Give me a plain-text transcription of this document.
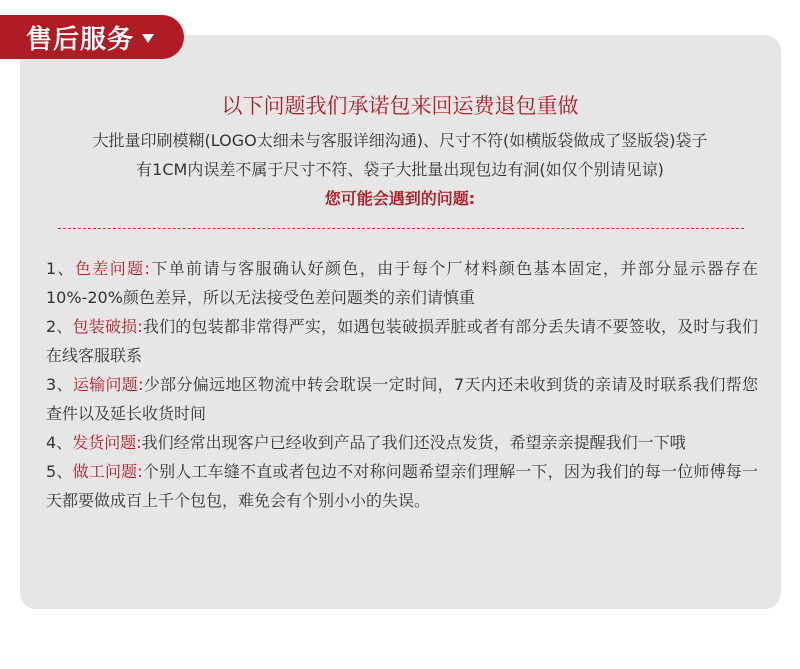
售后服务
以下问题我们承诺包来回运费退包重做
大批量印刷模糊(LOGO太细未与客服详细沟通)、尺寸不符(如横版袋做成了竖版袋)袋子
有1CM内误差不属于尺寸不符、袋子大批量出现包边有洞(如仅个别请见谅)
您可能会遇到的问题:

1、色差问题:下单前请与客服确认好颜色，由于每个厂材料颜色基本固定，并部分显示器存在10%-20%颜色差异，所以无法接受色差问题类的亲们请慎重

2、包装破损:我们的包装都非常得严实，如遇包装破损弄脏或者有部分丢失请不要签收，及时与我们在线客服联系

3、运输问题:少部分偏远地区物流中转会耽误一定时间，7天内还未收到货的亲请及时联系我们帮您查件以及延长收货时间

4、发货问题:我们经常出现客户已经收到产品了我们还没点发货，希望亲亲提醒我们一下哦

5、做工问题:个别人工车缝不直或者包边不对称问题希望亲们理解一下，因为我们的每一位师傅每一天都要做成百上千个包包，难免会有个别小小的失误。
